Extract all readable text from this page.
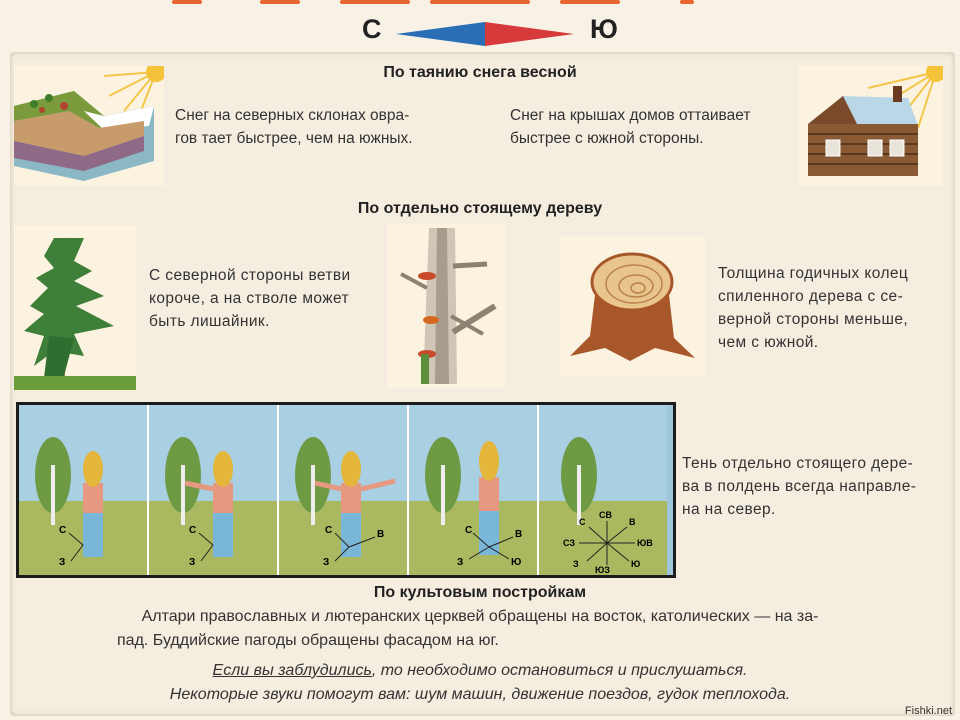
С	Ю
По таянию снега весной
Снег на северных склонах овра-
гов тает быстрее, чем на южных.
Снег на крышах домов оттаивает
быстрее с южной стороны.
По отдельно стоящему дереву
С северной стороны ветви
короче, а на стволе может
быть лишайник.
Толщина годичных колец
спиленного дерева с се-
верной стороны меньше,
чем с южной.
С
З
С
З
С
З
В	С
З
В
Ю
С
СВ
В
СЗ	ЮВ
З
ЮЗ
Ю
Тень отдельно стоящего дере-
ва в полдень всегда направле-
на на север.
По культовым постройкам
Алтари православных и лютеранских церквей обращены на восток, католических — на за-
пад. Буддийские пагоды обращены фасадом на юг.
Если вы заблудились, то необходимо остановиться и прислушаться.
Некоторые звуки помогут вам: шум машин, движение поездов, гудок теплохода.
Fishki.net
